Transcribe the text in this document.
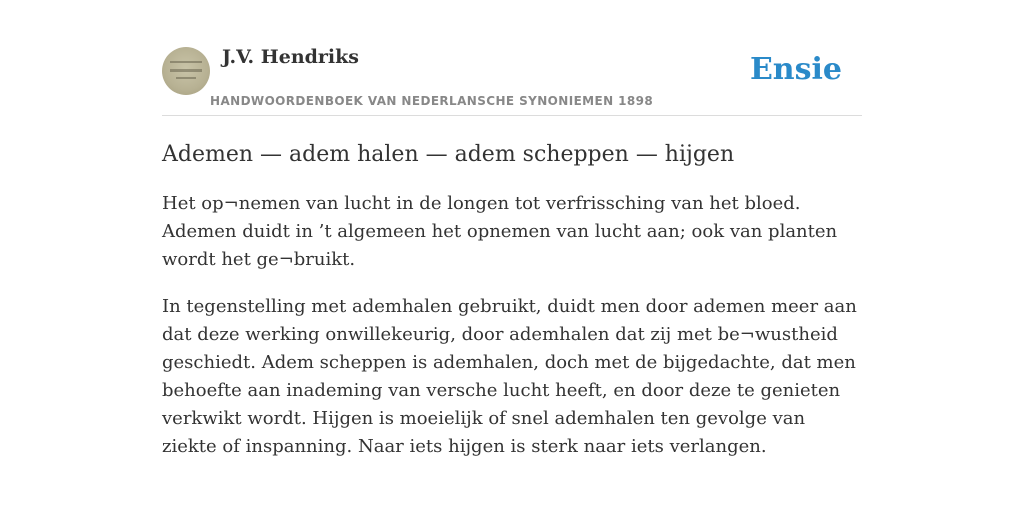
J.V. Hendriks
HANDWOORDENBOEK VAN NEDERLANSCHE SYNONIEMEN 1898
Ensie
Ademen — adem halen — adem scheppen — hijgen

Het op¬nemen van lucht in de longen tot verfrissching van het bloed. Ademen duidt in ’t algemeen het opnemen van lucht aan; ook van planten wordt het ge¬bruikt.

In tegenstelling met ademhalen gebruikt, duidt men door ademen meer aan dat deze werking onwillekeurig, door ademhalen dat zij met be¬wustheid geschiedt. Adem scheppen is ademhalen, doch met de bijgedachte, dat men behoefte aan inademing van versche lucht heeft, en door deze te genieten verkwikt wordt. Hijgen is moeielijk of snel ademhalen ten gevolge van ziekte of inspanning. Naar iets hijgen is sterk naar iets verlangen.
